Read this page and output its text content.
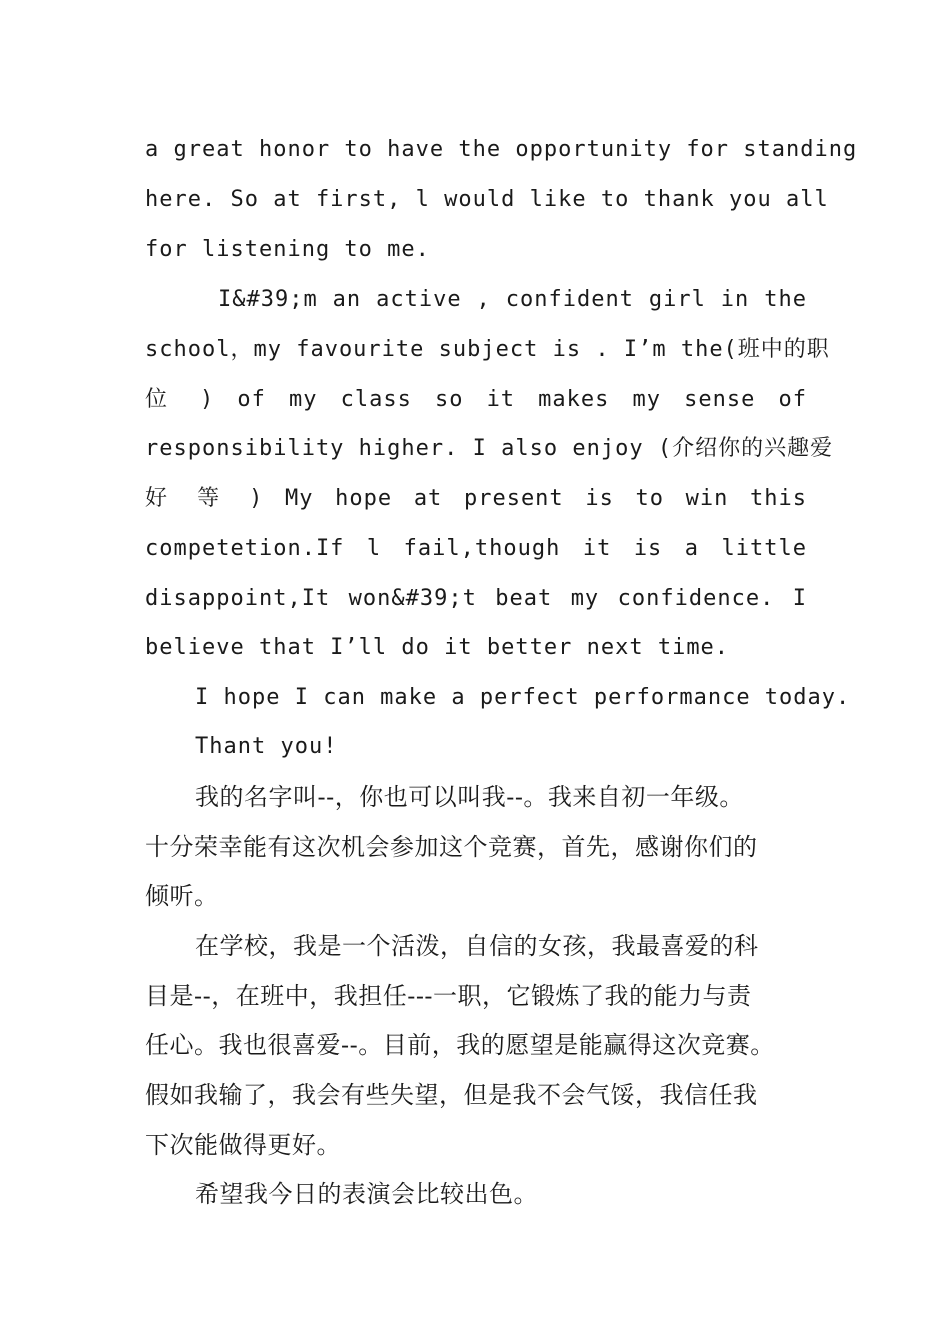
a great honor to have the opportunity for standing
here. So at first, l would like to thank you all
for listening to me.
I&#39;m an active , confident girl in the
school，my favourite subject is . I’m the(班中的职
位 ) of my class so it makes my sense of
responsibility higher. I also enjoy (介绍你的兴趣爱
好 等 ) My hope at present is to win this
competetion.If l fail,though it is a little
disappoint,It won&#39;t beat my confidence. I
believe that I’ll do it better next time.
I hope I can make a perfect performance today.
Thant you!
我的名字叫--，你也可以叫我--。我来自初一年级。
十分荣幸能有这次机会参加这个竞赛，首先，感谢你们的
倾听。
在学校，我是一个活泼，自信的女孩，我最喜爱的科
目是--，在班中，我担任---一职，它锻炼了我的能力与责
任心。我也很喜爱--。目前，我的愿望是能赢得这次竞赛。
假如我输了，我会有些失望，但是我不会气馁，我信任我
下次能做得更好。
希望我今日的表演会比较出色。
